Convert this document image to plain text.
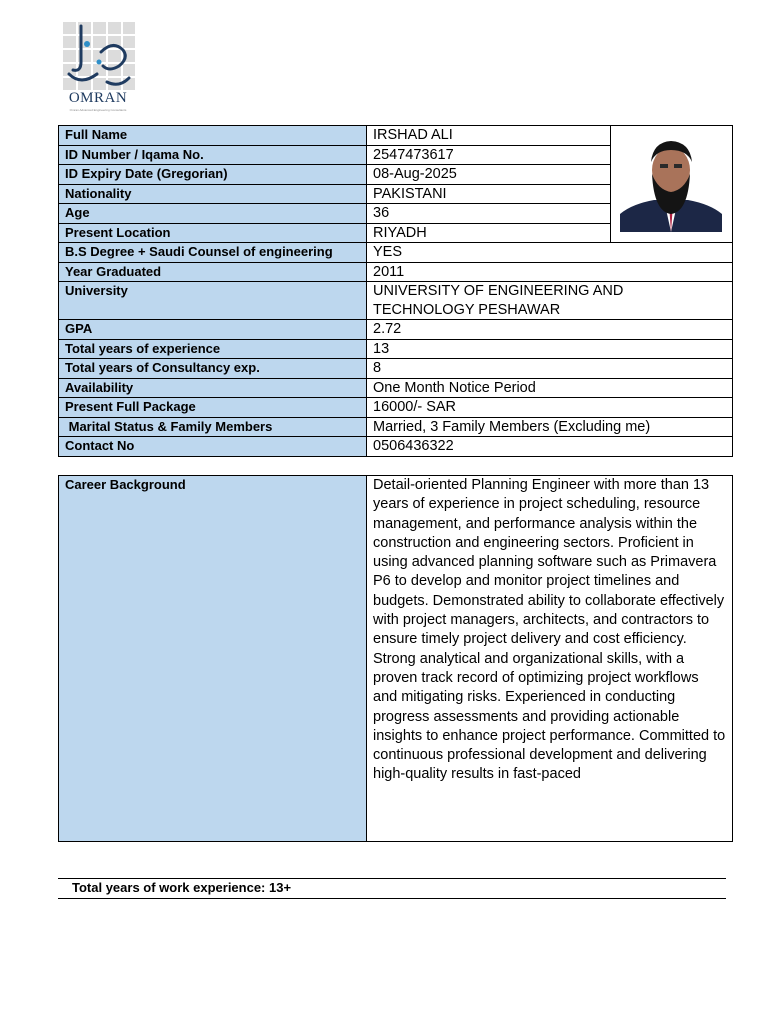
OMRAN
Omran Advanced Engineering Consultants
Full Name	IRSHAD ALI	
ID Number / Iqama No.	2547473617	
ID Expiry Date (Gregorian)	08-Aug-2025	
Nationality	PAKISTANI	
Age	36	
Present Location	RIYADH	
B.S Degree + Saudi Counsel of engineering	YES	
Year Graduated	2011	
University	UNIVERSITY OF ENGINEERING AND TECHNOLOGY PESHAWAR	
GPA	2.72	
Total years of experience	13	
Total years of Consultancy exp.	8	
Availability	One Month Notice Period	
Present Full Package	16000/- SAR	
Marital Status & Family Members	Married, 3 Family Members (Excluding me)	
Contact No	0506436322	
Career Background	Detail-oriented Planning Engineer with more than 13 years of experience in project scheduling, resource management, and performance analysis within the construction and engineering sectors. Proficient in using advanced planning software such as Primavera P6 to develop and monitor project timelines and budgets. Demonstrated ability to collaborate effectively with project managers, architects, and contractors to ensure timely project delivery and cost efficiency. Strong analytical and organizational skills, with a proven track record of optimizing project workflows and mitigating risks. Experienced in conducting progress assessments and providing actionable insights to enhance project performance. Committed to continuous professional development and delivering high-quality results in fast-paced
Total years of work experience: 13+
